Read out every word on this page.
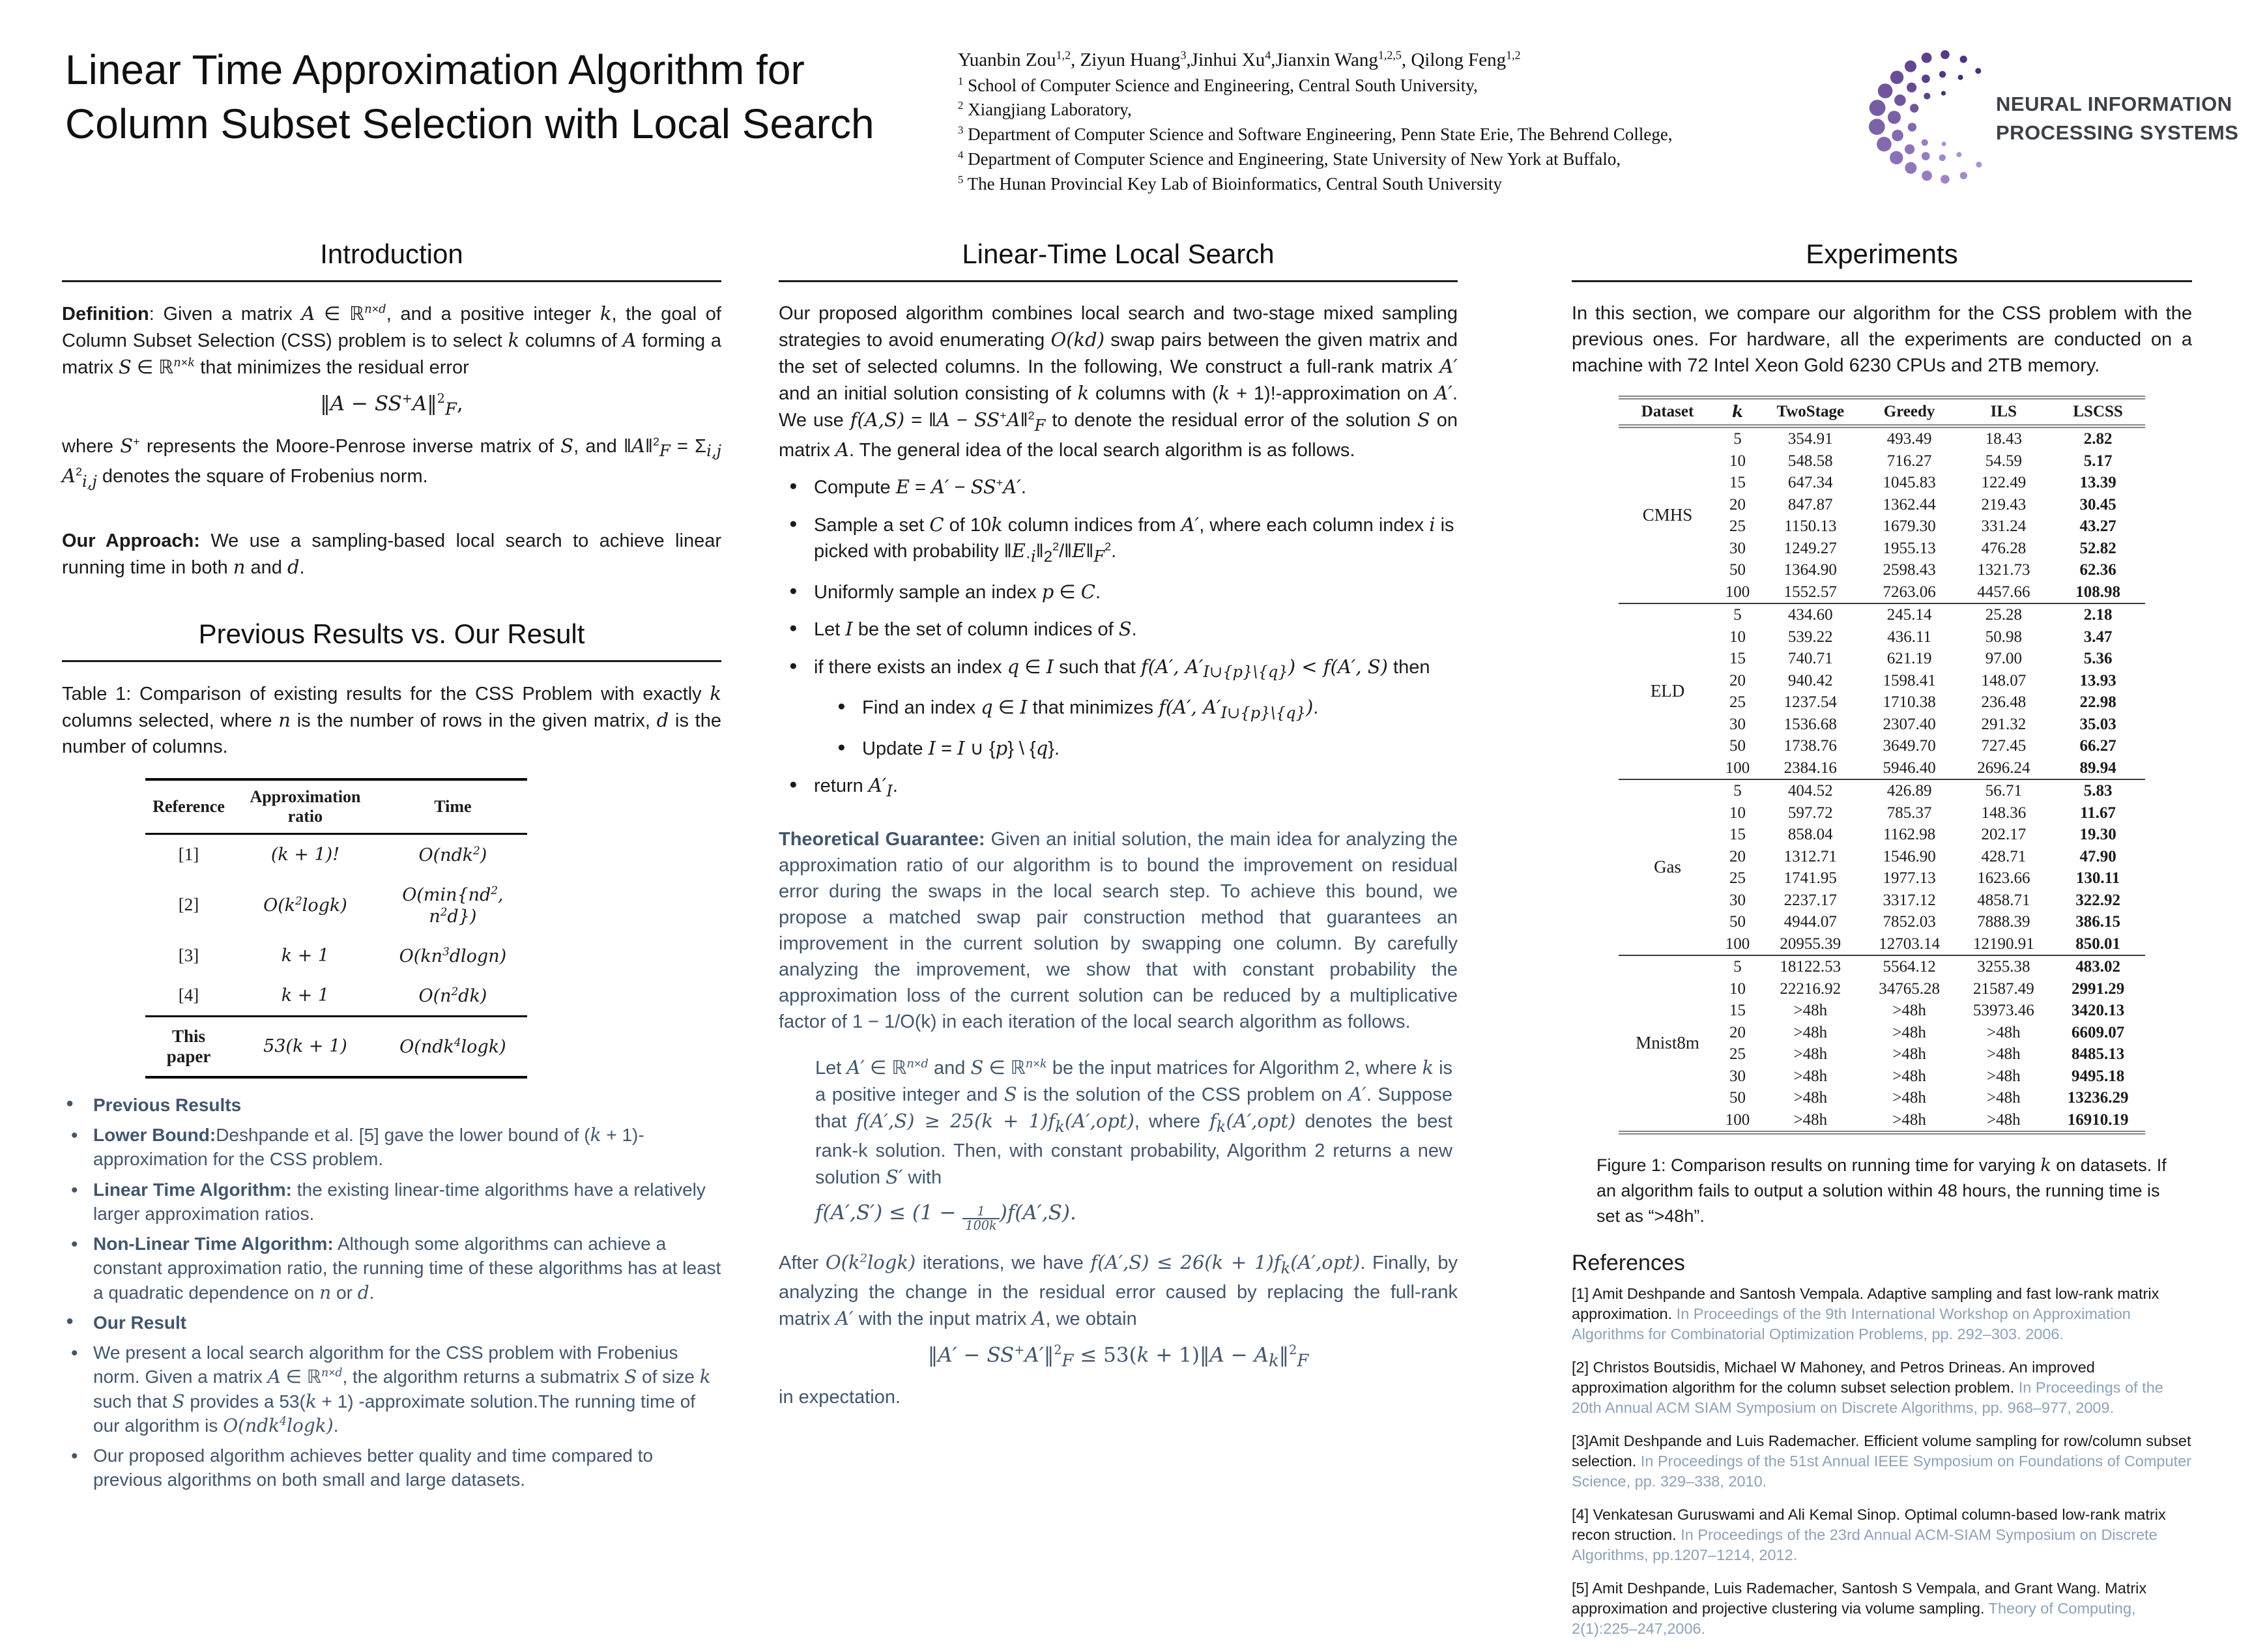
Linear Time Approximation Algorithm for
Column Subset Selection with Local Search
Yuanbin Zou$^{1,2}$, Ziyun Huang$^3$,Jinhui Xu$^4$,Jianxin Wang$^{1,2,5}$, Qilong Feng$^{1,2}$
$^1$ School of Computer Science and Engineering, Central South University,
$^2$ Xiangjiang Laboratory,
$^3$ Department of Computer Science and Software Engineering, Penn State Erie, The Behrend College,
$^4$ Department of Computer Science and Engineering, State University of New York at Buffalo,
$^5$ The Hunan Provincial Key Lab of Bioinformatics, Central South University
NEURAL INFORMATION
PROCESSING SYSTEMS
Introduction

Definition: Given a matrix A ∈ ℝ$^{n\times d}$, and a positive integer k, the goal of Column Subset Selection (CSS) problem is to select k columns of A forming a matrix S ∈ ℝ$^{n\times k}$ that minimizes the residual error

‖A − SS+A‖$^2_F$,

where S+ represents the Moore-Penrose inverse matrix of S, and ‖A‖$^2_F$ = $\Sigma_{i,j}$ $A^2_{i,j}$ denotes the square of Frobenius norm.

Our Approach: We use a sampling-based local search to achieve linear running time in both n and d.

Previous Results vs. Our Result

Table 1: Comparison of existing results for the CSS Problem with exactly k columns selected, where n is the number of rows in the given matrix, d is the number of columns.

Reference	Approximation ratio	Time
[1]	(k + 1)!	O(ndk$^2$)
[2]	$O(k^2\log k)$	$O(\min\{nd^2$, $n^2d$})
[3]	k + 1	$O(kn^3dlogn)$
[4]	k + 1	$O(n^2dk)$
This paper	53(k + 1)	O(ndk$^4$logk)
● Previous Results
• Lower Bound:Deshpande et al. [5] gave the lower bound of (k + 1)-approximation for the CSS problem.
• Linear Time Algorithm: the existing linear-time algorithms have a relatively larger approximation ratios.
• Non-Linear Time Algorithm: Although some algorithms can achieve a constant approximation ratio, the running time of these algorithms has at least a quadratic dependence on n or d.
● Our Result
• We present a local search algorithm for the CSS problem with Frobenius norm. Given a matrix A ∈ ℝ$^{n\times d}$, the algorithm returns a submatrix S of size k such that S provides a 53(k + 1) -approximate solution.The running time of our algorithm is O(ndk$^4$logk).
• Our proposed algorithm achieves better quality and time compared to previous algorithms on both small and large datasets.
Linear-Time Local Search

Our proposed algorithm combines local search and two-stage mixed sampling strategies to avoid enumerating O(kd) swap pairs between the given matrix and the set of selected columns. In the following, We construct a full-rank matrix A′ and an initial solution consisting of k columns with (k + 1)!-approximation on A′. We use f(A,S) = ‖A − SS+A‖$^2_F$ to denote the residual error of the solution S on matrix A. The general idea of the local search algorithm is as follows.

● Compute E = A′ − SS+A′.
● Sample a set C of 10k column indices from A′, where each column index i is picked with probability $‖E_{\cdot i}‖_2^2/‖E‖_F^2$.
● Uniformly sample an index p ∈ C.
● Let I be the set of column indices of S.
● if there exists an index q ∈ I such that f(A′, $A'_{I\cup\{p\}\backslash\{q\}}) < f(A'$, S) then
● Find an index q ∈ I that minimizes f(A′, $A'_{I\cup\{p\}\backslash\{q\}}$).
● Update I = I ∪ {p} \ {q}.
● return $A'_I$.

Theoretical Guarantee: Given an initial solution, the main idea for analyzing the approximation ratio of our algorithm is to bound the improvement on residual error during the swaps in the local search step. To achieve this bound, we propose a matched swap pair construction method that guarantees an improvement in the current solution by swapping one column. By carefully analyzing the improvement, we show that with constant probability the approximation loss of the current solution can be reduced by a multiplicative factor of 1 − 1/O(k) in each iteration of the local search algorithm as follows.

Let A′ ∈ ℝ$^{n\times d}$ and S ∈ ℝ$^{n\times k}$ be the input matrices for Algorithm 2, where k is a positive integer and S is the solution of the CSS problem on A′. Suppose that $f(A',S) \ge 25(k + 1)f_k(A',opt)$, where $f_k(A',opt)$ denotes the best rank-k solution. Then, with constant probability, Algorithm 2 returns a new solution S′ with

$f(A',S') \le (1 - \frac{1}{100k} )f(A',S)$.

After $O(k^2\log k)$ iterations, we have $f(A',S) \le 26(k + 1)f_k(A',opt)$. Finally, by analyzing the change in the residual error caused by replacing the full-rank matrix A′ with the input matrix A, we obtain

‖A′ − SS+A′‖$^2_F$ ≤ 53(k + 1)‖A − $A_k‖^2_F$

in expectation.

Experiments

In this section, we compare our algorithm for the CSS problem with the previous ones. For hardware, all the experiments are conducted on a machine with 72 Intel Xeon Gold 6230 CPUs and 2TB memory.

Dataset	k	TwoStage	Greedy	ILS	LSCSS
CMHS	5	354.91	493.49	18.43	2.82
	10	548.58	716.27	54.59	5.17
	15	647.34	1045.83	122.49	13.39
	20	847.87	1362.44	219.43	30.45
	25	1150.13	1679.30	331.24	43.27
	30	1249.27	1955.13	476.28	52.82
	50	1364.90	2598.43	1321.73	62.36
	100	1552.57	7263.06	4457.66	108.98
ELD	5	434.60	245.14	25.28	2.18
	10	539.22	436.11	50.98	3.47
	15	740.71	621.19	97.00	5.36
	20	940.42	1598.41	148.07	13.93
	25	1237.54	1710.38	236.48	22.98
	30	1536.68	2307.40	291.32	35.03
	50	1738.76	3649.70	727.45	66.27
	100	2384.16	5946.40	2696.24	89.94
Gas	5	404.52	426.89	56.71	5.83
	10	597.72	785.37	148.36	11.67
	15	858.04	1162.98	202.17	19.30
	20	1312.71	1546.90	428.71	47.90
	25	1741.95	1977.13	1623.66	130.11
	30	2237.17	3317.12	4858.71	322.92
	50	4944.07	7852.03	7888.39	386.15
	100	20955.39	12703.14	12190.91	850.01
Mnist8m	5	18122.53	5564.12	3255.38	483.02
	10	22216.92	34765.28	21587.49	2991.29
	15	>48h	>48h	53973.46	3420.13
	20	>48h	>48h	>48h	6609.07
	25	>48h	>48h	>48h	8485.13
	30	>48h	>48h	>48h	9495.18
	50	>48h	>48h	>48h	13236.29
	100	>48h	>48h	>48h	16910.19

Figure 1: Comparison results on running time for varying k on datasets. If an algorithm fails to output a solution within 48 hours, the running time is set as “>48h”.

References

[1] Amit Deshpande and Santosh Vempala. Adaptive sampling and fast low-rank matrix approximation. In Proceedings of the 9th International Workshop on Approximation Algorithms for Combinatorial Optimization Problems, pp. 292–303. 2006.

[2] Christos Boutsidis, Michael W Mahoney, and Petros Drineas. An improved approximation algorithm for the column subset selection problem. In Proceedings of the 20th Annual ACM SIAM Symposium on Discrete Algorithms, pp. 968–977, 2009.

[3]Amit Deshpande and Luis Rademacher. Efficient volume sampling for row/column subset selection. In Proceedings of the 51st Annual IEEE Symposium on Foundations of Computer Science, pp. 329–338, 2010.

[4] Venkatesan Guruswami and Ali Kemal Sinop. Optimal column-based low-rank matrix recon struction. In Proceedings of the 23rd Annual ACM-SIAM Symposium on Discrete Algorithms, pp.1207–1214, 2012.

[5] Amit Deshpande, Luis Rademacher, Santosh S Vempala, and Grant Wang. Matrix approximation and projective clustering via volume sampling. Theory of Computing, 2(1):225–247,2006.
